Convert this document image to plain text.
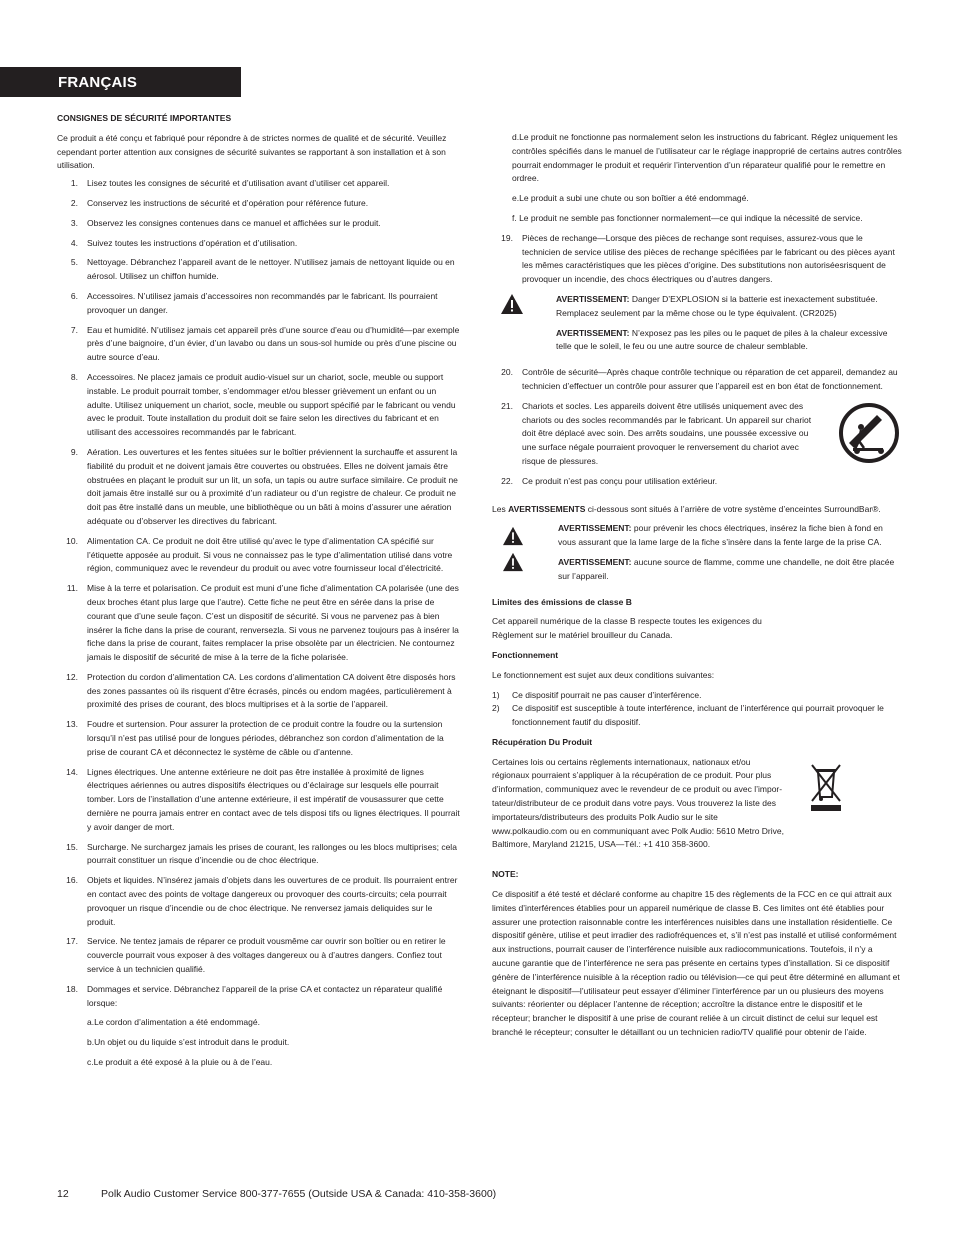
FRANÇAIS
CONSIGNES DE SÉCURITÉ IMPORTANTES
Ce produit a été conçu et fabriqué pour répondre à de strictes normes de qualité et de sécurité. Veuillez cependant porter attention aux consignes de sécurité suivantes se rapportant à son installation et à son utilisation.
1.	Lisez toutes les consignes de sécurité et d’utilisation avant d’utiliser cet appareil.
2.	Conservez les instructions de sécurité et d’opération pour référence future.
3.	Observez les consignes contenues dans ce manuel et affichées sur le produit.
4.	Suivez toutes les instructions d’opération et d’utilisation.
5.	Nettoyage. Débranchez l’appareil avant de le nettoyer. N’utilisez jamais de nettoyant liquide ou en aérosol. Utilisez un chiffon humide.
6.	Accessoires. N’utilisez jamais d’accessoires non recommandés par le fabricant. Ils pourraient provoquer un danger.
7.	Eau et humidité. N’utilisez jamais cet appareil près d’une source d’eau ou d’humidité—par exemple près d’une baignoire, d’un évier, d’un lavabo ou dans un sous-sol humide ou près d’une piscine ou autre source d’eau.
8.	Accessoires. Ne placez jamais ce produit audio-visuel sur un chariot, socle, meuble ou support instable. Le produit pourrait tomber, s’endommager et/ou blesser grièvement un enfant ou un adulte. Utilisez uniquement un chariot, socle, meuble ou support spécifié par le fabricant ou vendu avec le produit. Toute installation du produit doit se faire selon les directives du fabricant et en utilisant des accessoires recommandés par le fabricant.
9.	Aération. Les ouvertures et les fentes situées sur le boîtier préviennent la surchauffe et assurent la fiabilité du produit et ne doivent jamais être couvertes ou obstruées. Elles ne doivent jamais être obstruées en plaçant le produit sur un lit, un sofa, un tapis ou autre surface similaire. Ce produit ne doit jamais être installé sur ou à proximité d’un radiateur ou d’un registre de chaleur. Ce produit ne doit pas être installé dans un meuble, une bibliothèque ou un bâti à moins d’assurer une aération adéquate ou d’observer les directives du fabricant.
10.	Alimentation CA. Ce produit ne doit être utilisé qu’avec le type d’alimentation CA spécifié sur l’étiquette apposée au produit. Si vous ne connaissez pas le type d’alimentation utilisé dans votre région, communiquez avec le revendeur du produit ou avec votre fournisseur local d’électricité.
11.	Mise à la terre et polarisation. Ce produit est muni d’une fiche d’alimentation CA polarisée (une des deux broches étant plus large que l’autre). Cette fiche ne peut être en sérée dans la prise de courant que d’une seule façon. C’est un dispositif de sécurité. Si vous ne parvenez pas à bien insérer la fiche dans la prise de courant, renversezla. Si vous ne parvenez toujours pas à insérer la fiche dans la prise de courant, faites remplacer la prise obsolète par un électricien. Ne contournez jamais le dispositif de sécurité de mise à la terre de la fiche polarisée.
12.	Protection du cordon d’alimentation CA. Les cordons d’alimentation CA doivent être disposés hors des zones passantes où ils risquent d’être écrasés, pincés ou endom magées, particulièrement à proximité des prises de courant, des blocs multiprises et à la sortie de l’appareil.
13.	Foudre et surtension. Pour assurer la protection de ce produit contre la foudre ou la surtension lorsqu’il n’est pas utilisé pour de longues périodes, débranchez son cordon d’alimentation de la prise de courant CA et déconnectez le système de câble ou d’antenne.
14.	Lignes électriques. Une antenne extérieure ne doit pas être installée à proximité de lignes électriques aériennes ou autres dispositifs électriques ou d’éclairage sur lesquels elle pourrait tomber. Lors de l’installation d’une antenne extérieure, il est impératif de vousassurer que cette dernière ne pourra jamais entrer en contact avec de tels disposi tifs ou lignes électriques. Il pourrait y avoir danger de mort.
15.	Surcharge. Ne surchargez jamais les prises de courant, les rallonges ou les blocs multiprises; cela pourrait constituer un risque d’incendie ou de choc électrique.
16.	Objets et liquides. N’insérez jamais d’objets dans les ouvertures de ce produit. Ils pourraient entrer en contact avec des points de voltage dangereux ou provoquer des courts-circuits; cela pourrait provoquer un risque d’incendie ou de choc électrique. Ne renversez jamais deliquides sur le produit.
17.	Service. Ne tentez jamais de réparer ce produit vousmême car ouvrir son boîtier ou en retirer le couvercle pourrait vous exposer à des voltages dangereux ou à d’autres dangers. Confiez tout service à un technicien qualifié.
18.	Dommages et service. Débranchez l’appareil de la prise CA et contactez un réparateur qualifié lorsque:
a.Le cordon d’alimentation a été endommagé.
b.Un objet ou du liquide s’est introduit dans le produit.
c.Le produit a été exposé à la pluie ou à de l’eau.
d.Le produit ne fonctionne pas normalement selon les instructions du fabricant. Réglez uniquement les contrôles spécifiés dans le manuel de l’utilisateur car le réglage inapproprié de certains autres contrôles pourrait endommager le produit et requérir l’intervention d’un réparateur qualifié pour le remettre en ordree.
e.Le produit a subi une chute ou son boîtier a été endommagé.
f. Le produit ne semble pas fonctionner normalement—ce qui indique la nécessité de service.
19.	Pièces de rechange—Lorsque des pièces de rechange sont requises, assurez-vous que le technicien de service utilise des pièces de rechange spécifiées par le fabricant ou des pièces ayant les mêmes caractéristiques que les pièces d’origine. Des substitutions non autoriséesrisquent de provoquer un incendie, des chocs électriques ou d’autres dangers.

AVERTISSEMENT: Danger D’EXPLOSION si la batterie est inexactement substituée. Remplacez seulement par la même chose ou le type équivalent. (CR2025)

AVERTISSEMENT: N’exposez pas les piles ou le paquet de piles à la chaleur excessive telle que le soleil, le feu ou une autre source de chaleur semblable.

20.	Contrôle de sécurité—Après chaque contrôle technique ou réparation de cet appareil, demandez au technicien d’effectuer un contrôle pour assurer que l’appareil est en bon état de fonctionnement.
21.	Chariots et socles. Les appareils doivent être utilisés uniquement avec des chariots ou des socles recommandés par le fabricant. Un appareil sur chariot doit être déplacé avec soin. Des arrêts soudains, une poussée excessive ou une surface négale pourraient provoquer le renversement du chariot avec risque de plessures.
22.	Ce produit n’est pas conçu pour utilisation extérieur.
Les AVERTISSEMENTS ci-dessous sont situés à l’arrière de votre système d’enceintes SurroundBar®.

AVERTISSEMENT: pour prévenir les chocs électriques, insérez la fiche bien à fond en vous assurant que la lame large de la fiche s’insère dans la fente large de la prise CA.

AVERTISSEMENT: aucune source de flamme, comme une chandelle, ne doit être placée sur l’appareil.

Limites des émissions de classe B
Cet appareil numérique de la classe B respecte toutes les exigences du Règlement sur le matériel brouilleur du Canada.
Fonctionnement
Le fonctionnement est sujet aux deux conditions suivantes:
1)	Ce dispositif pourrait ne pas causer d’interférence.
2)	Ce dispositif est susceptible à toute interférence, incluant de l’interférence qui pourrait provoquer le fonctionnement fautif du dispositif.
Récupération Du Produit
Certaines lois ou certains règlements internationaux, nationaux et/ou régionaux pourraient s’appliquer à la récupération de ce produit. Pour plus d’information, communiquez avec le revendeur de ce produit ou avec l’impor-tateur/distributeur de ce produit dans votre pays. Vous trouverez la liste des importateurs/distributeurs des produits Polk Audio sur le site www.polkaudio.com ou en communiquant avec Polk Audio: 5610 Metro Drive, Baltimore, Maryland 21215, USA—Tél.: +1 410 358-3600.
NOTE:
Ce dispositif a été testé et déclaré conforme au chapitre 15 des règlements de la FCC en ce qui attrait aux limites d’interférences établies pour un appareil numérique de classe B. Ces limites ont été établies pour assurer une protection raisonnable contre les interférences nuisibles dans une installation résidentielle. Ce dispositif génère, utilise et peut irradier des radiofréquences et, s’il n’est pas installé et utilisé conformément aux instructions, pourrait causer de l’interférence nuisible aux radiocommunications. Toutefois, il n’y a aucune garantie que de l’interférence ne sera pas présente en certains types d’installation. Si ce dispositif génère de l’interférence nuisible à la réception radio ou télévision—ce qui peut être déterminé en allumant et éteignant le dispositif—l’utilisateur peut essayer d’éliminer l’interférence par un ou plusieurs des moyens suivants: réorienter ou déplacer l’antenne de réception; accroître la distance entre le dispositif et le récepteur; brancher le dispositif à une prise de courant reliée à un circuit distinct de celui sur lequel est branché le récepteur; consulter le détaillant ou un technicien radio/TV qualifié pour obtenir de l’aide.
12	Polk Audio Customer Service 800-377-7655 (Outside USA & Canada: 410-358-3600)
